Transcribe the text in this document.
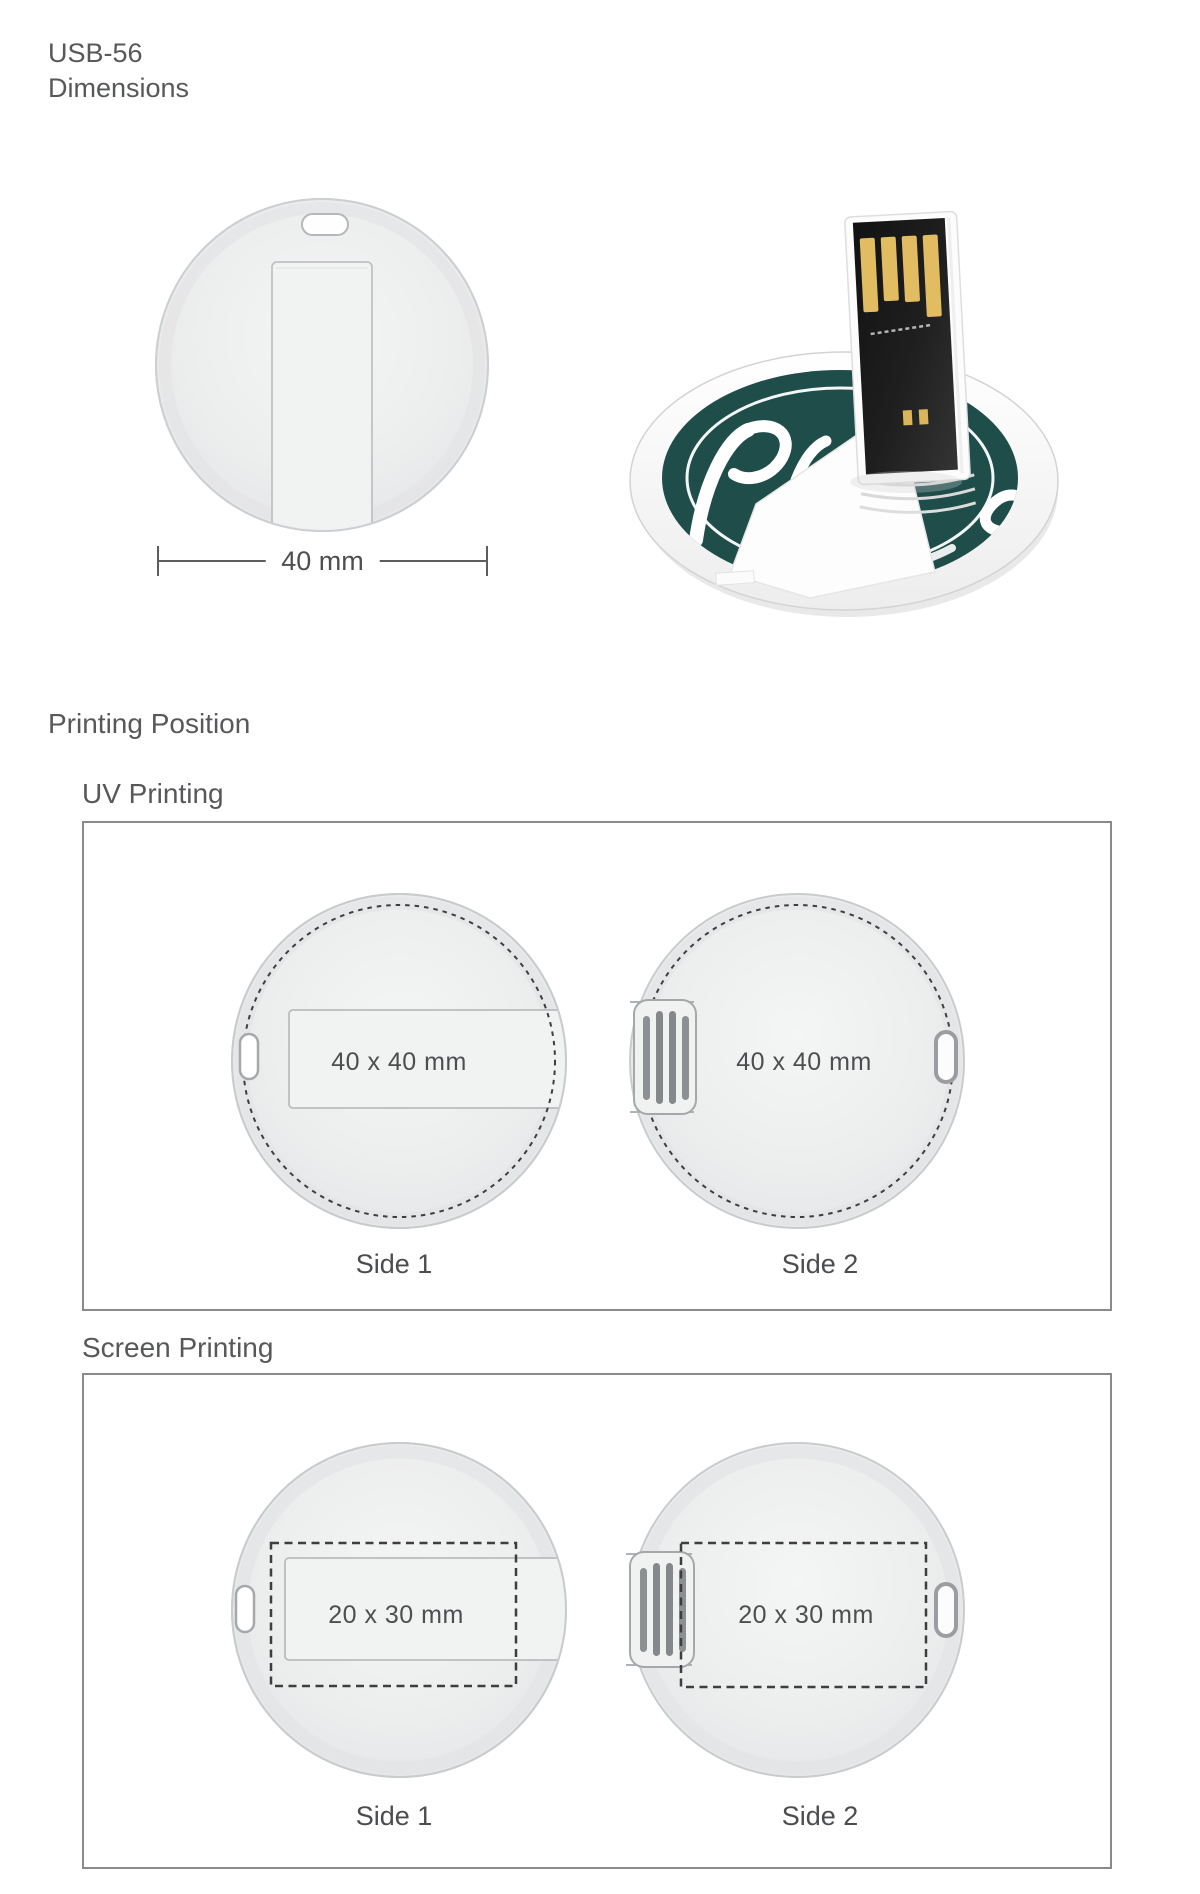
USB-56
Dimensions
40 mm
Printing Position
UV Printing
40 x 40 mm	40 x 40 mm
Side 1	Side 2
Screen Printing
20 x 30 mm	20 x 30 mm
Side 1	Side 2
